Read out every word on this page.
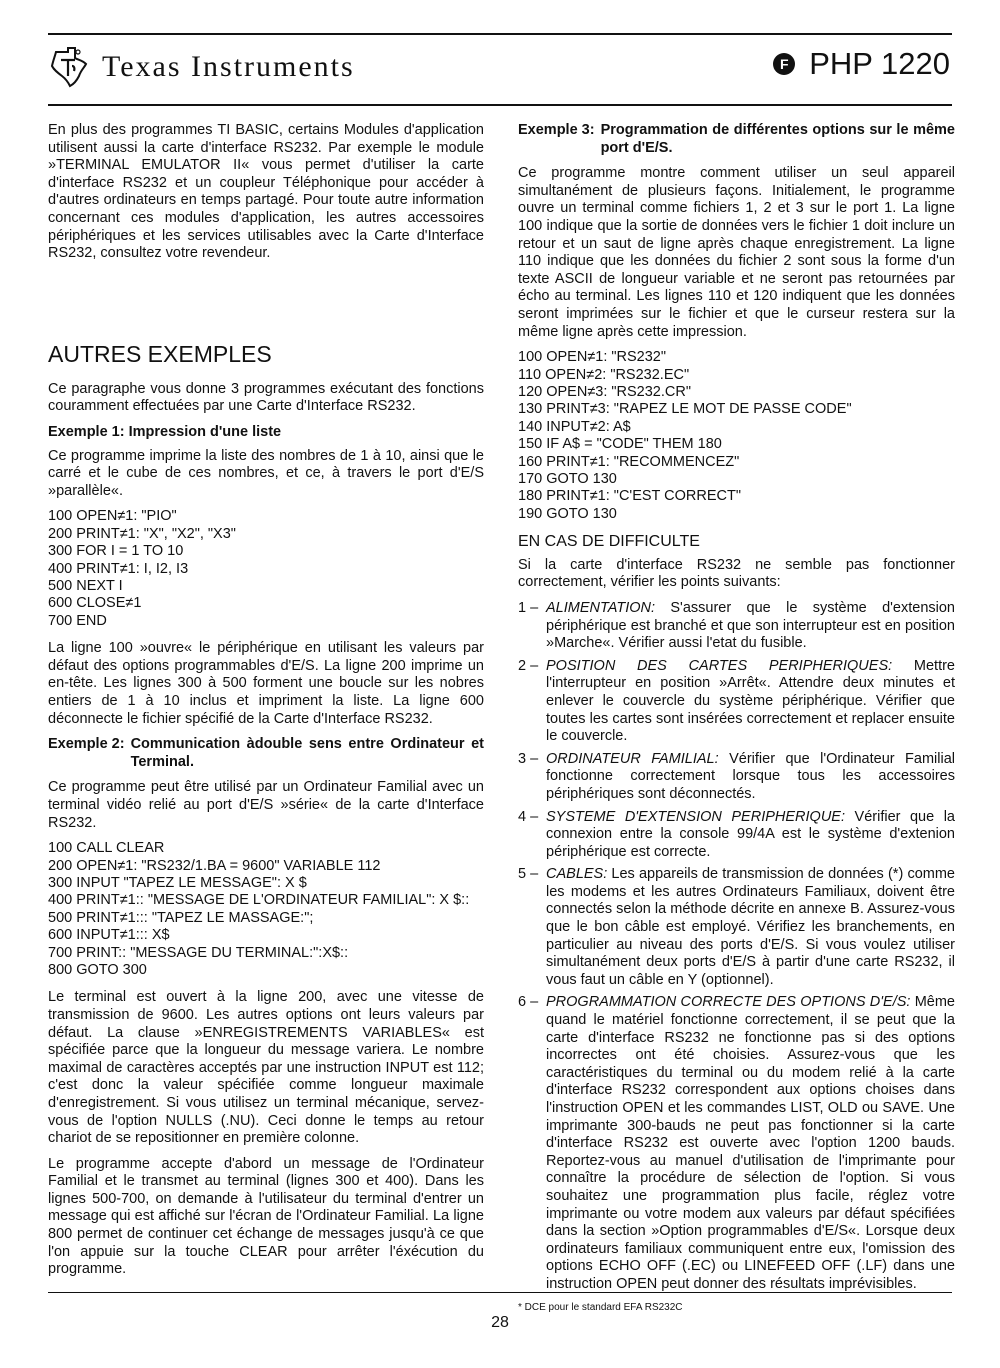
Texas Instruments	F PHP 1220

En plus des programmes TI BASIC, certains Modules d'application utilisent aussi la carte d'interface RS232. Par exemple le module »TERMINAL EMULATOR II« vous permet d'utiliser la carte d'interface RS232 et un coupleur Téléphonique pour accéder à d'autres ordinateurs en temps partagé. Pour toute autre information concernant ces modules d'application, les autres accessoires périphériques et les services utilisables avec la Carte d'Interface RS232, consultez votre revendeur.

AUTRES EXEMPLES

Ce paragraphe vous donne 3 programmes exécutant des fonctions couramment effectuées par une Carte d'Interface RS232.

Exemple 1: Impression d'une liste

Ce programme imprime la liste des nombres de 1 à 10, ainsi que le carré et le cube de ces nombres, et ce, à travers le port d'E/S »parallèle«.

100 OPEN≠1: "PIO"
200 PRINT≠1: "X", "X2", "X3"
300 FOR I = 1 TO 10
400 PRINT≠1: I, I2, I3
500 NEXT I
600 CLOSE≠1
700 END

La ligne 100 »ouvre« le périphérique en utilisant les valeurs par défaut des options programmables d'E/S. La ligne 200 imprime un en-tête. Les lignes 300 à 500 forment une boucle sur les nobres entiers de 1 à 10 inclus et impriment la liste. La ligne 600 déconnecte le fichier spécifié de la Carte d'Interface RS232.

Exemple 2: Communication àdouble sens entre Ordinateur et Terminal.

Ce programme peut être utilisé par un Ordinateur Familial avec un terminal vidéo relié au port d'E/S »série« de la carte d'Interface RS232.

100 CALL CLEAR
200 OPEN≠1: "RS232/1.BA = 9600" VARIABLE 112
300 INPUT "TAPEZ LE MESSAGE": X $
400 PRINT≠1:: "MESSAGE DE L'ORDINATEUR FAMILIAL": X $::
500 PRINT≠1::: "TAPEZ LE MASSAGE:";
600 INPUT≠1::: X$
700 PRINT:: "MESSAGE DU TERMINAL:":X$::
800 GOTO 300

Le terminal est ouvert à la ligne 200, avec une vitesse de transmission de 9600. Les autres options ont leurs valeurs par défaut. La clause »ENREGISTREMENTS VARIABLES« est spécifiée parce que la longueur du message variera. Le nombre maximal de caractères acceptés par une instruction INPUT est 112; c'est donc la valeur spécifiée comme longueur maximale d'enregistrement. Si vous utilisez un terminal mécanique, servez-vous de l'option NULLS (.NU). Ceci donne le temps au retour chariot de se repositionner en première colonne.

Le programme accepte d'abord un message de l'Ordinateur Familial et le transmet au terminal (lignes 300 et 400). Dans les lignes 500-700, on demande à l'utilisateur du terminal d'entrer un message qui est affiché sur l'écran de l'Ordinateur Familial. La ligne 800 permet de continuer cet échange de messages jusqu'à ce que l'on appuie sur la touche CLEAR pour arrêter l'éxécution du programme.

Exemple 3: Programmation de différentes options sur le même port d'E/S.

Ce programme montre comment utiliser un seul appareil simultanément de plusieurs façons. Initialement, le programme ouvre un terminal comme fichiers 1, 2 et 3 sur le port 1. La ligne 100 indique que la sortie de données vers le fichier 1 doit inclure un retour et un saut de ligne après chaque enregistrement. La ligne 110 indique que les données du fichier 2 sont sous la forme d'un texte ASCII de longueur variable et ne seront pas retournées par écho au terminal. Les lignes 110 et 120 indiquent que les données seront imprimées sur le fichier et que le curseur restera sur la même ligne après cette impression.

100 OPEN≠1: "RS232"
110 OPEN≠2: "RS232.EC"
120 OPEN≠3: "RS232.CR"
130 PRINT≠3: "RAPEZ LE MOT DE PASSE CODE"
140 INPUT≠2: A$
150 IF A$ = "CODE" THEM 180
160 PRINT≠1: "RECOMMENCEZ"
170 GOTO 130
180 PRINT≠1: "C'EST CORRECT"
190 GOTO 130
EN CAS DE DIFFICULTE

Si la carte d'interface RS232 ne semble pas fonctionner correctement, vérifier les points suivants:

1 – ALIMENTATION: S'assurer que le système d'extension périphérique est branché et que son interrupteur est en position »Marche«. Vérifier aussi l'etat du fusible.
2 – POSITION DES CARTES PERIPHERIQUES: Mettre l'interrupteur en position »Arrêt«. Attendre deux minutes et enlever le couvercle du système périphérique. Vérifier que toutes les cartes sont insérées correctement et replacer ensuite le couvercle.
3 – ORDINATEUR FAMILIAL: Vérifier que l'Ordinateur Familial fonctionne correctement lorsque tous les accessoires périphériques sont déconnectés.
4 – SYSTEME D'EXTENSION PERIPHERIQUE: Vérifier que la connexion entre la console 99/4A est le système d'extenion périphérique est correcte.
5 – CABLES: Les appareils de transmission de données (*) comme les modems et les autres Ordinateurs Familiaux, doivent être connectés selon la méthode décrite en annexe B. Assurez-vous que le bon câble est employé. Vérifiez les branchements, en particulier au niveau des ports d'E/S. Si vous voulez utiliser simultanément deux ports d'E/S à partir d'une carte RS232, il vous faut un câble en Y (optionnel).
6 – PROGRAMMATION CORRECTE DES OPTIONS D'E/S: Même quand le matériel fonctionne correctement, il se peut que la carte d'interface RS232 ne fonctionne pas si des options incorrectes ont été choisies. Assurez-vous que les caractéristiques du terminal ou du modem relié à la carte d'interface RS232 correspondent aux options choises dans l'instruction OPEN et les commandes LIST, OLD ou SAVE. Une imprimante 300-bauds ne peut pas fonctionner si la carte d'interface RS232 est ouverte avec l'option 1200 bauds. Reportez-vous au manuel d'utilisation de l'imprimante pour connaître la procédure de sélection de l'option. Si vous souhaitez une programmation plus facile, réglez votre imprimante ou votre modem aux valeurs par défaut spécifiées dans la section »Option programmables d'E/S«. Lorsque deux ordinateurs familiaux communiquent entre eux, l'omission des options ECHO OFF (.EC) ou LINEFEED OFF (.LF) dans une instruction OPEN peut donner des résultats imprévisibles.
* DCE pour le standard EFA RS232C
28
